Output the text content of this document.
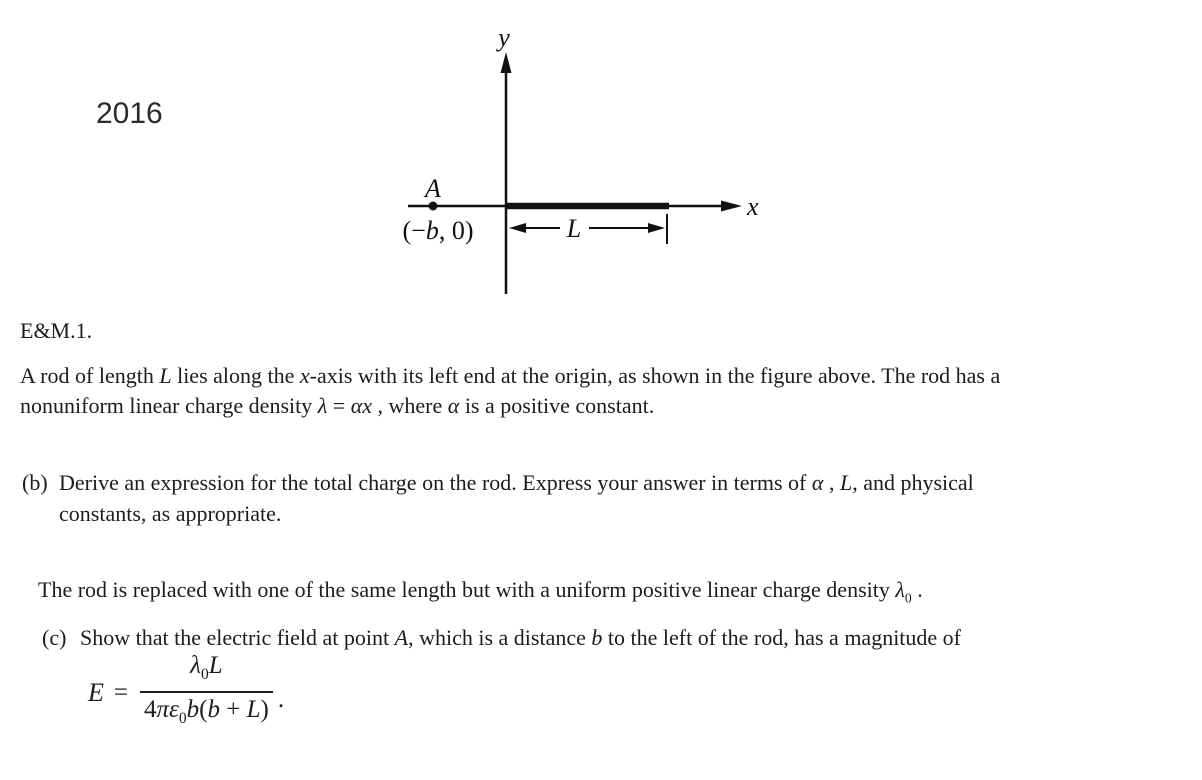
2016
y
x
A
(−b, 0)	L
E&M.1.
A rod of length L lies along the x-axis with its left end at the origin, as shown in the figure above. The rod has a
nonuniform linear charge density λ = αx , where α is a positive constant.
(b) Derive an expression for the total charge on the rod. Express your answer in terms of α , L, and physical
constants, as appropriate.
The rod is replaced with one of the same length but with a uniform positive linear charge density $\lambda_0$ .
(c) Show that the electric field at point A, which is a distance b to the left of the rod, has a magnitude of
$E = \frac{\lambda_0L}{4\pi\varepsilon_0b(b + L)}$ .
